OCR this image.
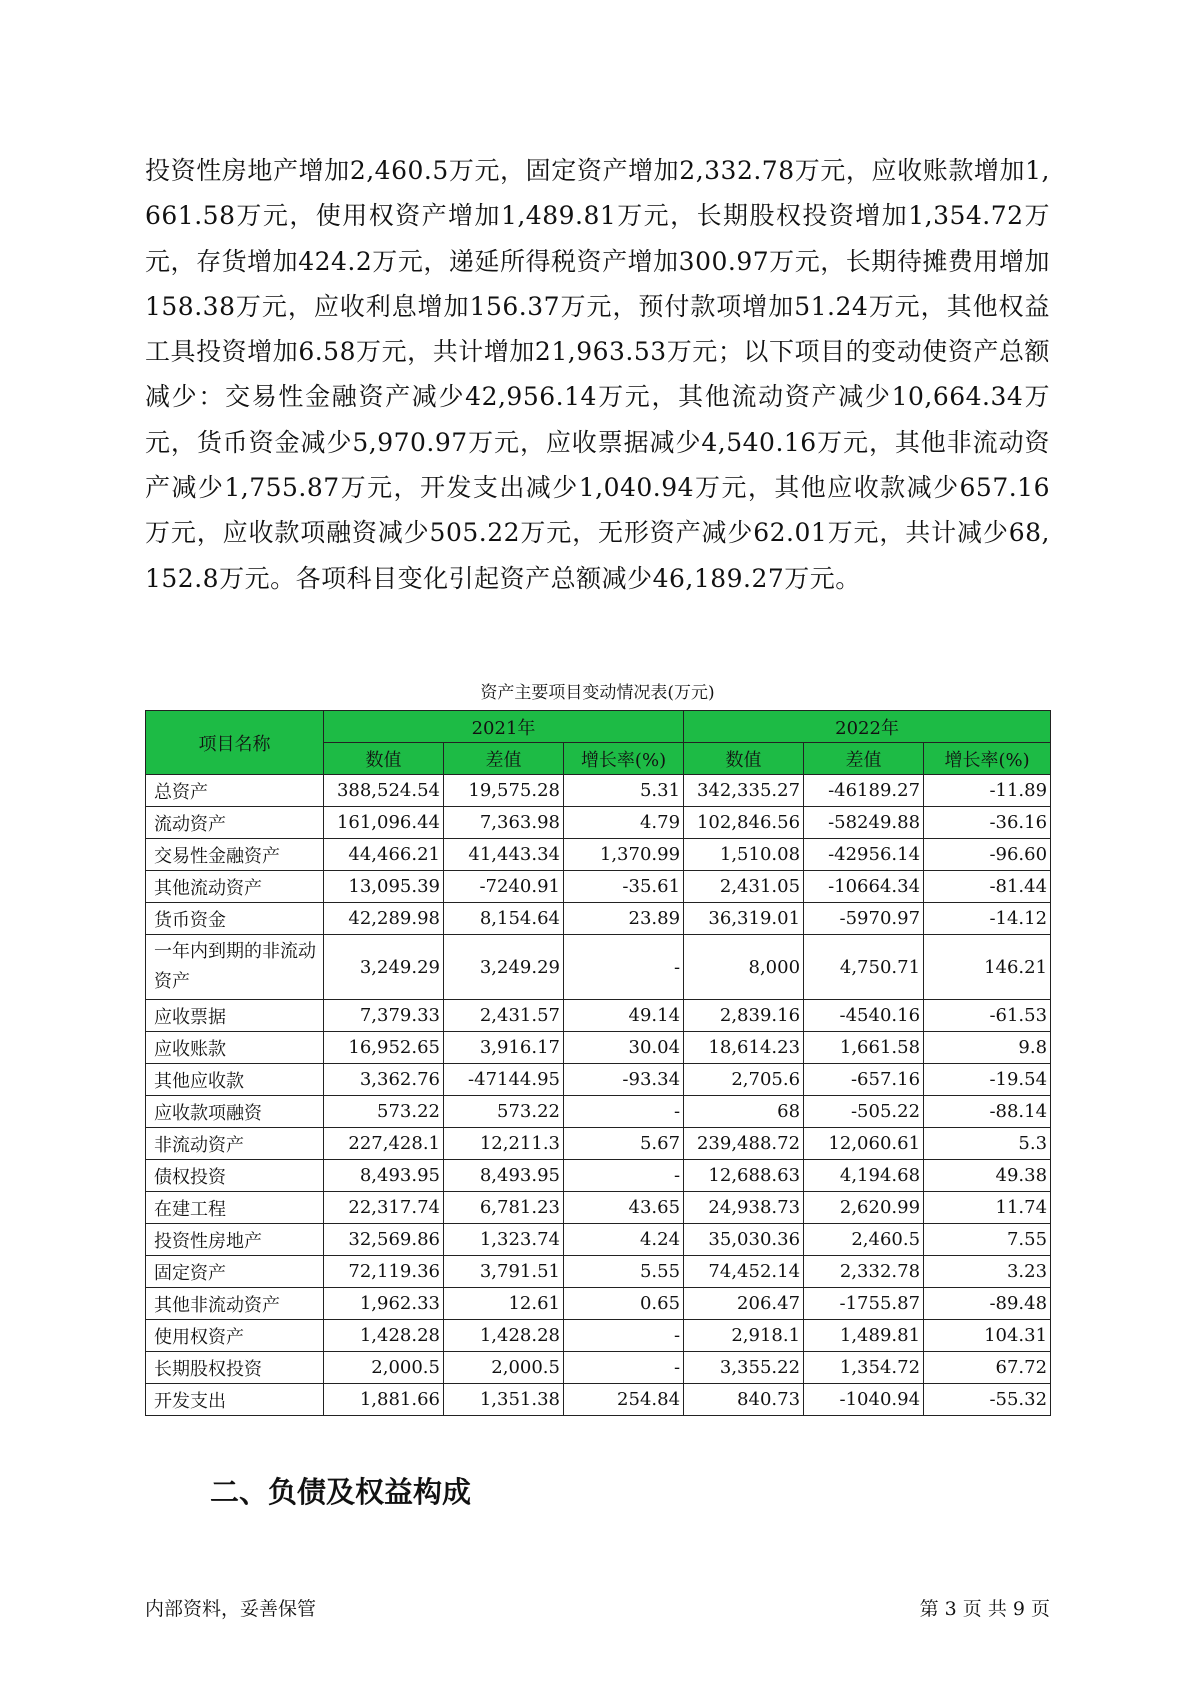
投资性房地产增加2,460.5万元，固定资产增加2,332.78万元，应收账款增加1,661.58万元，使用权资产增加1,489.81万元，长期股权投资增加1,354.72万元，存货增加424.2万元，递延所得税资产增加300.97万元，长期待摊费用增加158.38万元，应收利息增加156.37万元，预付款项增加51.24万元，其他权益工具投资增加6.58万元，共计增加21,963.53万元；以下项目的变动使资产总额减少：交易性金融资产减少42,956.14万元，其他流动资产减少10,664.34万元，货币资金减少5,970.97万元，应收票据减少4,540.16万元，其他非流动资产减少1,755.87万元，开发支出减少1,040.94万元，其他应收款减少657.16万元，应收款项融资减少505.22万元，无形资产减少62.01万元，共计减少68,152.8万元。各项科目变化引起资产总额减少46,189.27万元。

资产主要项目变动情况表(万元)
项目名称	2021年			2022年		
	数值	差值	增长率(%)	数值	差值	增长率(%)
总资产	388,524.54	19,575.28	5.31	342,335.27	-46189.27	-11.89
流动资产	161,096.44	7,363.98	4.79	102,846.56	-58249.88	-36.16
交易性金融资产	44,466.21	41,443.34	1,370.99	1,510.08	-42956.14	-96.60
其他流动资产	13,095.39	-7240.91	-35.61	2,431.05	-10664.34	-81.44
货币资金	42,289.98	8,154.64	23.89	36,319.01	-5970.97	-14.12
一年内到期的非流动资产	3,249.29	3,249.29	-	8,000	4,750.71	146.21
应收票据	7,379.33	2,431.57	49.14	2,839.16	-4540.16	-61.53
应收账款	16,952.65	3,916.17	30.04	18,614.23	1,661.58	9.8
其他应收款	3,362.76	-47144.95	-93.34	2,705.6	-657.16	-19.54
应收款项融资	573.22	573.22	-	68	-505.22	-88.14
非流动资产	227,428.1	12,211.3	5.67	239,488.72	12,060.61	5.3
债权投资	8,493.95	8,493.95	-	12,688.63	4,194.68	49.38
在建工程	22,317.74	6,781.23	43.65	24,938.73	2,620.99	11.74
投资性房地产	32,569.86	1,323.74	4.24	35,030.36	2,460.5	7.55
固定资产	72,119.36	3,791.51	5.55	74,452.14	2,332.78	3.23
其他非流动资产	1,962.33	12.61	0.65	206.47	-1755.87	-89.48
使用权资产	1,428.28	1,428.28	-	2,918.1	1,489.81	104.31
长期股权投资	2,000.5	2,000.5	-	3,355.22	1,354.72	67.72
开发支出	1,881.66	1,351.38	254.84	840.73	-1040.94	-55.32
二、负债及权益构成
内部资料，妥善保管	第 3 页 共 9 页
